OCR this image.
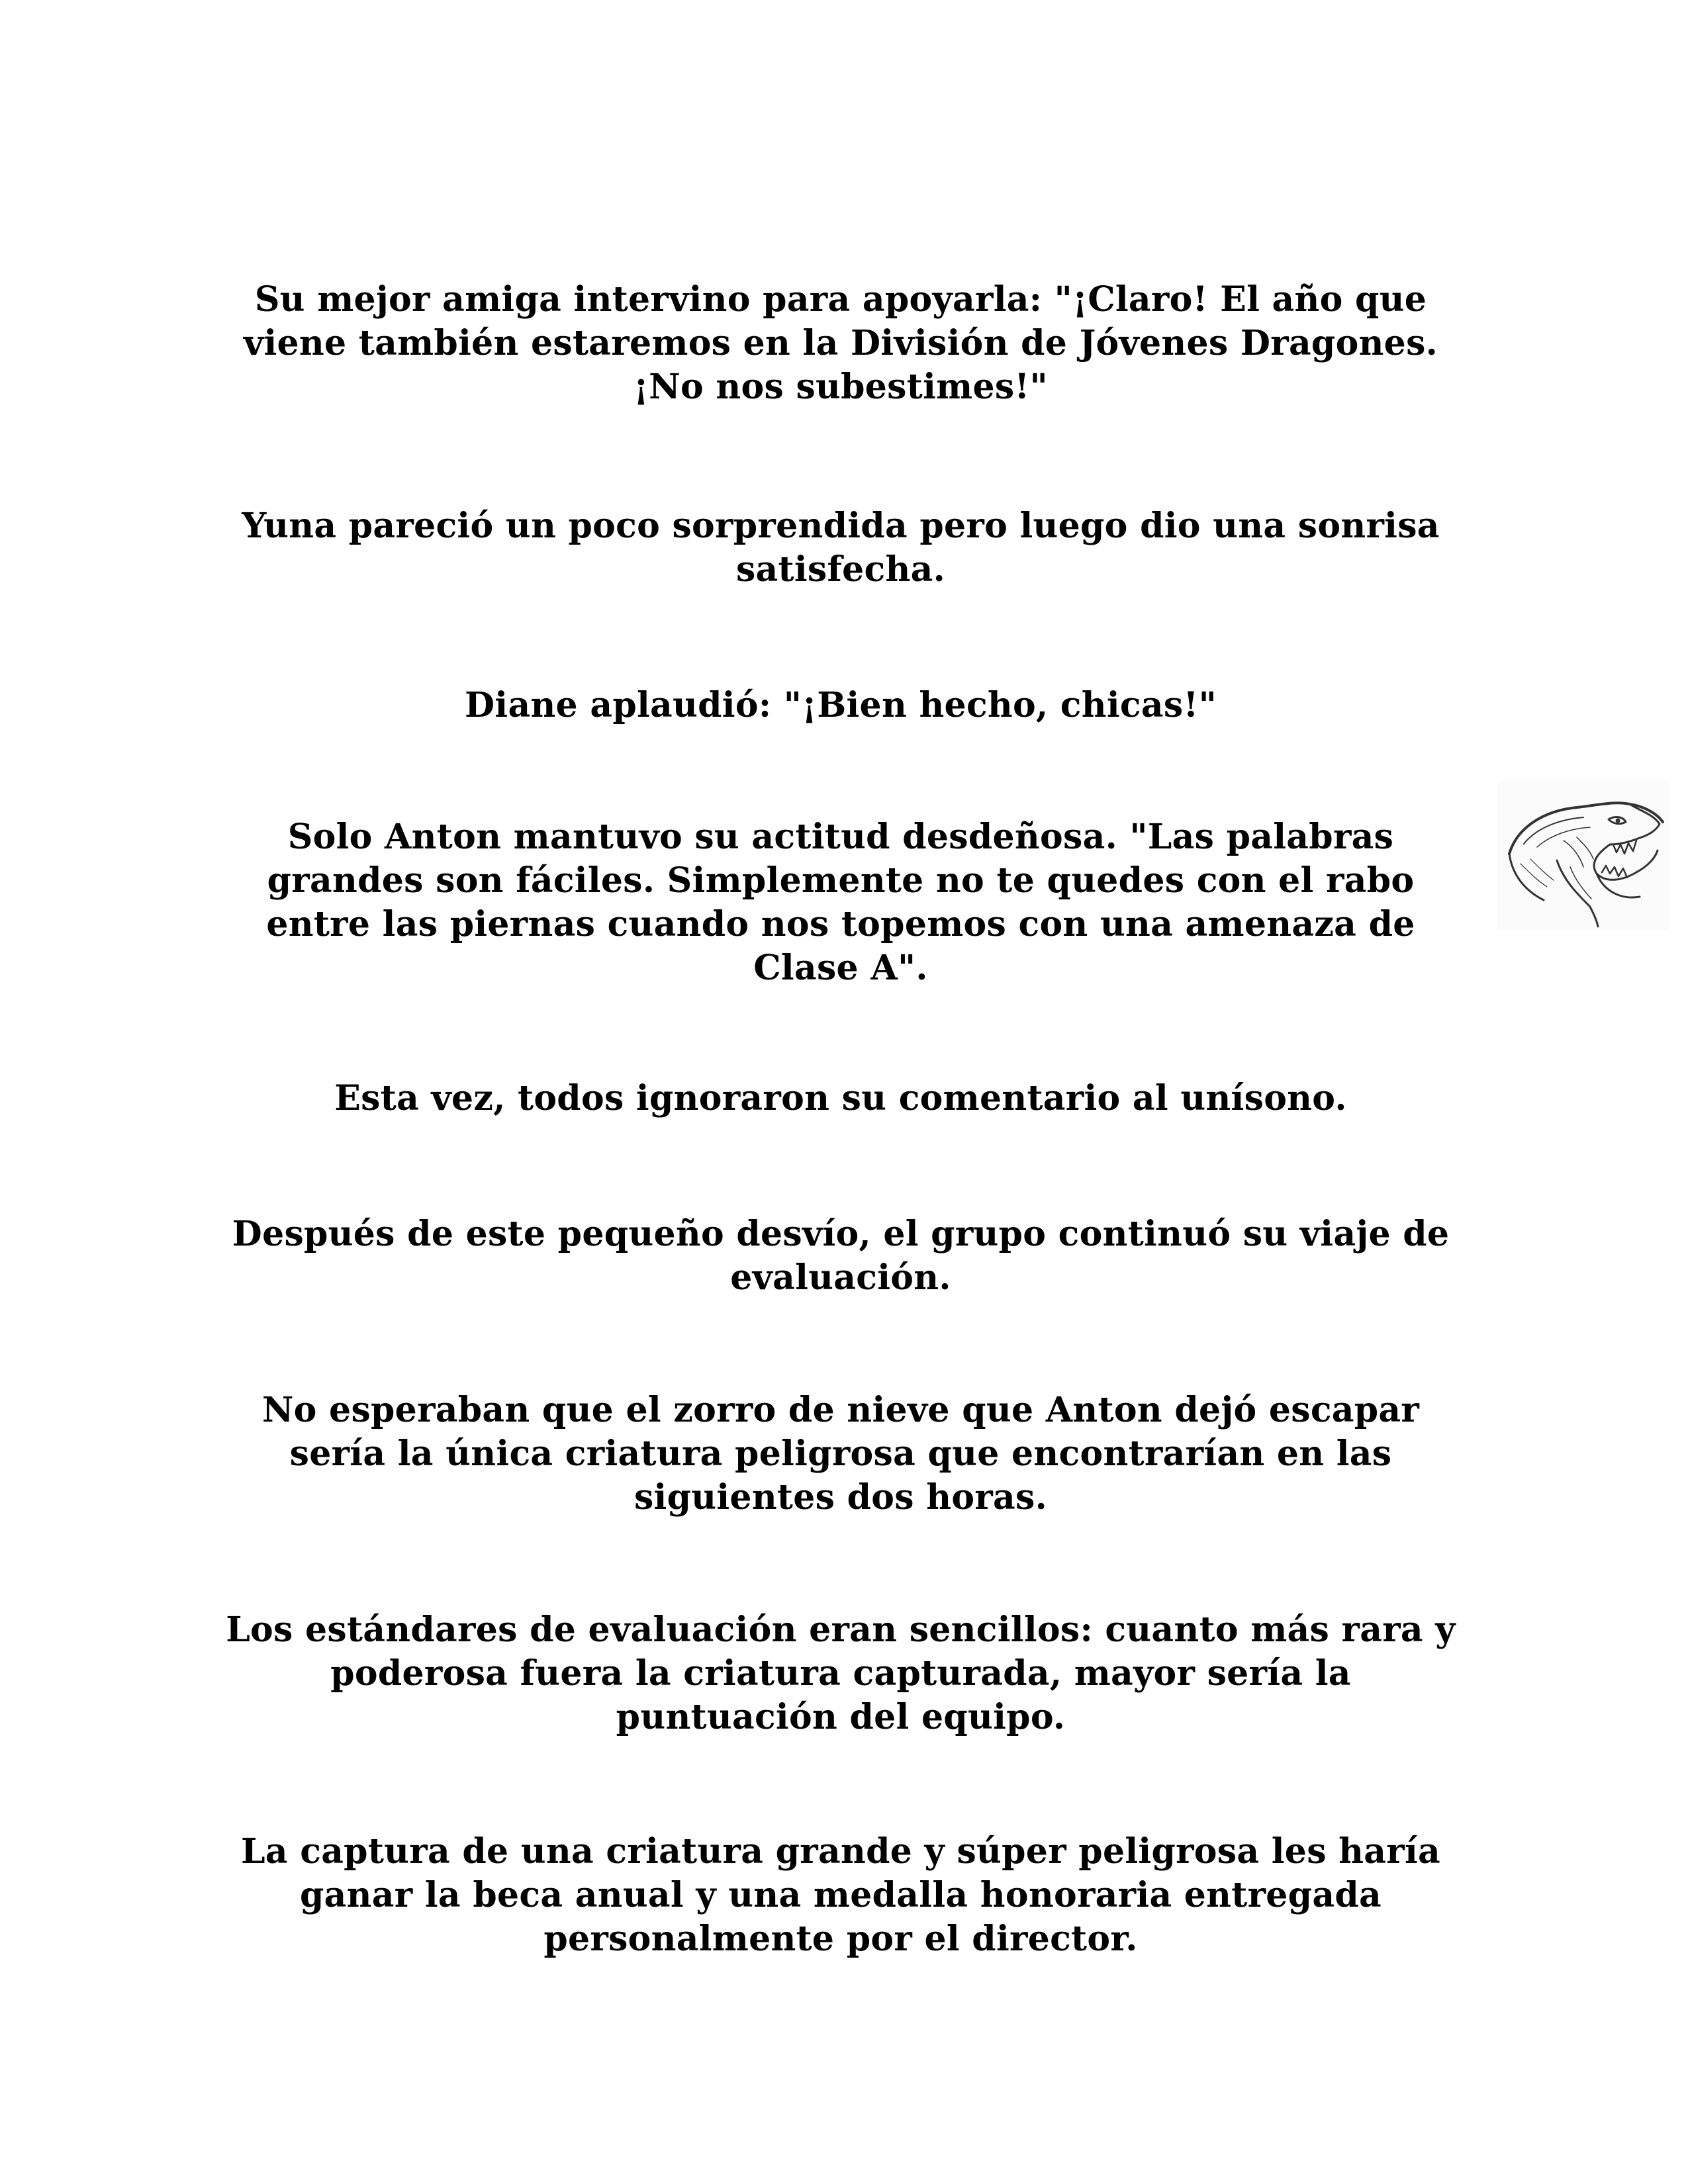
Su mejor amiga intervino para apoyarla: "¡Claro! El año que
viene también estaremos en la División de Jóvenes Dragones.
¡No nos subestimes!"

Yuna pareció un poco sorprendida pero luego dio una sonrisa
satisfecha.

Diane aplaudió: "¡Bien hecho, chicas!"

Solo Anton mantuvo su actitud desdeñosa. "Las palabras
grandes son fáciles. Simplemente no te quedes con el rabo
entre las piernas cuando nos topemos con una amenaza de
Clase A".

Esta vez, todos ignoraron su comentario al unísono.

Después de este pequeño desvío, el grupo continuó su viaje de
evaluación.

No esperaban que el zorro de nieve que Anton dejó escapar
sería la única criatura peligrosa que encontrarían en las
siguientes dos horas.

Los estándares de evaluación eran sencillos: cuanto más rara y
poderosa fuera la criatura capturada, mayor sería la
puntuación del equipo.

La captura de una criatura grande y súper peligrosa les haría
ganar la beca anual y una medalla honoraria entregada
personalmente por el director.
